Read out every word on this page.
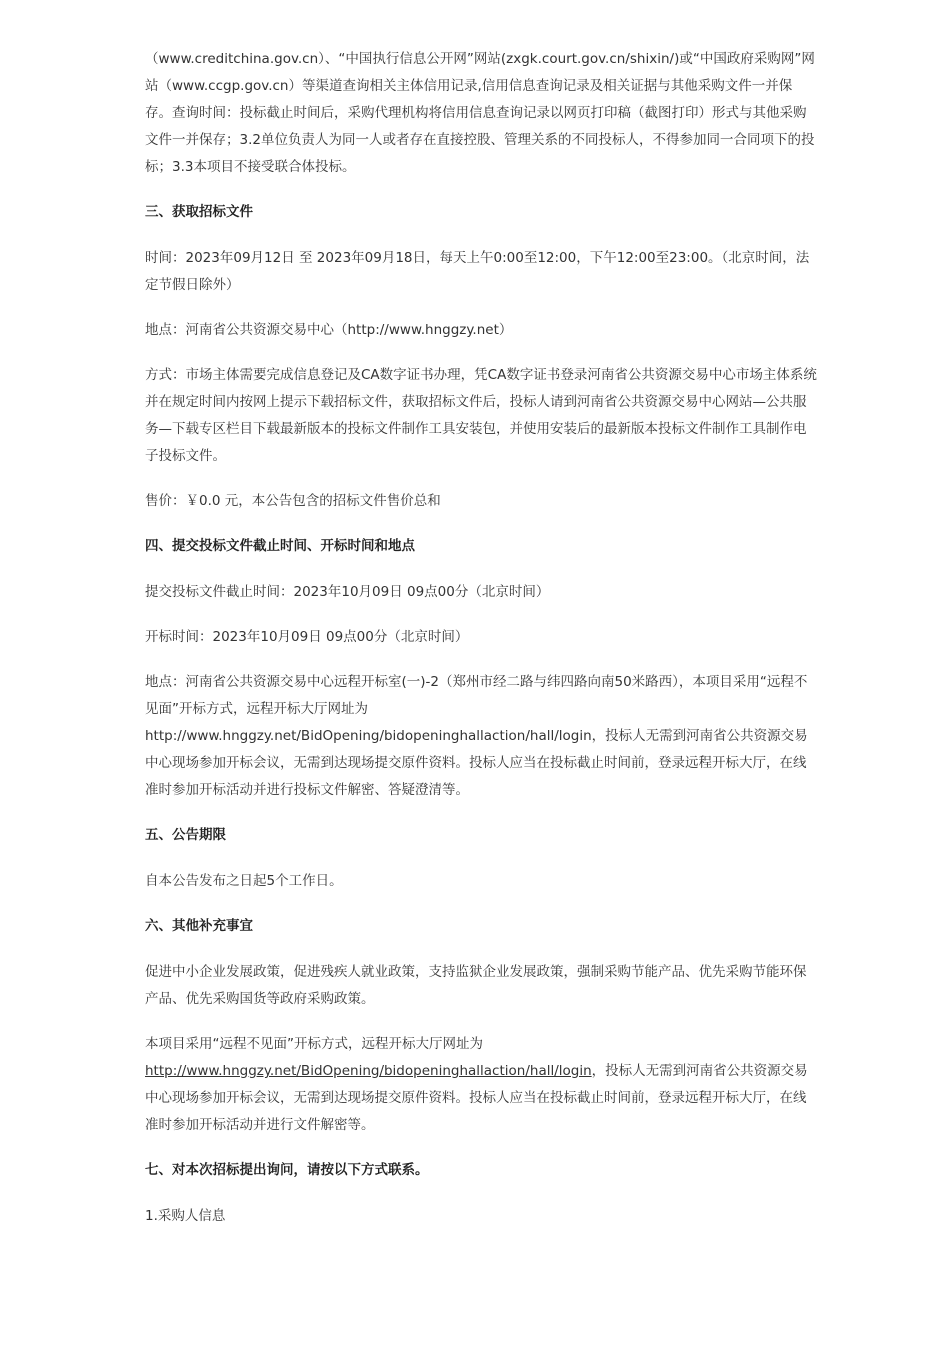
（www.creditchina.gov.cn）、“中国执行信息公开网”网站(zxgk.court.gov.cn/shixin/)或“中国政府采购网”网站（www.ccgp.gov.cn）等渠道查询相关主体信用记录,信用信息查询记录及相关证据与其他采购文件一并保存。查询时间：投标截止时间后，采购代理机构将信用信息查询记录以网页打印稿（截图打印）形式与其他采购文件一并保存；3.2单位负责人为同一人或者存在直接控股、管理关系的不同投标人，不得参加同一合同项下的投标；3.3本项目不接受联合体投标。

三、获取招标文件

时间：2023年09月12日 至 2023年09月18日，每天上午0:00至12:00，下午12:00至23:00。（北京时间，法定节假日除外）

地点：河南省公共资源交易中心（http://www.hnggzy.net）

方式：市场主体需要完成信息登记及CA数字证书办理，凭CA数字证书登录河南省公共资源交易中心市场主体系统并在规定时间内按网上提示下载招标文件，获取招标文件后，投标人请到河南省公共资源交易中心网站—公共服务—下载专区栏目下载最新版本的投标文件制作工具安装包，并使用安装后的最新版本投标文件制作工具制作电子投标文件。

售价：￥0.0 元，本公告包含的招标文件售价总和

四、提交投标文件截止时间、开标时间和地点

提交投标文件截止时间：2023年10月09日 09点00分（北京时间）

开标时间：2023年10月09日 09点00分（北京时间）

地点：河南省公共资源交易中心远程开标室(一)-2（郑州市经二路与纬四路向南50米路西），本项目采用“远程不见面”开标方式，远程开标大厅网址为
http://www.hnggzy.net/BidOpening/bidopeninghallaction/hall/login，投标人无需到河南省公共资源交易中心现场参加开标会议，无需到达现场提交原件资料。投标人应当在投标截止时间前，登录远程开标大厅，在线准时参加开标活动并进行投标文件解密、答疑澄清等。

五、公告期限

自本公告发布之日起5个工作日。

六、其他补充事宜

促进中小企业发展政策，促进残疾人就业政策，支持监狱企业发展政策，强制采购节能产品、优先采购节能环保产品、优先采购国货等政府采购政策。

本项目采用“远程不见面”开标方式，远程开标大厅网址为
http://www.hnggzy.net/BidOpening/bidopeninghallaction/hall/login，投标人无需到河南省公共资源交易中心现场参加开标会议，无需到达现场提交原件资料。投标人应当在投标截止时间前，登录远程开标大厅，在线准时参加开标活动并进行文件解密等。

七、对本次招标提出询问，请按以下方式联系。

1.采购人信息
